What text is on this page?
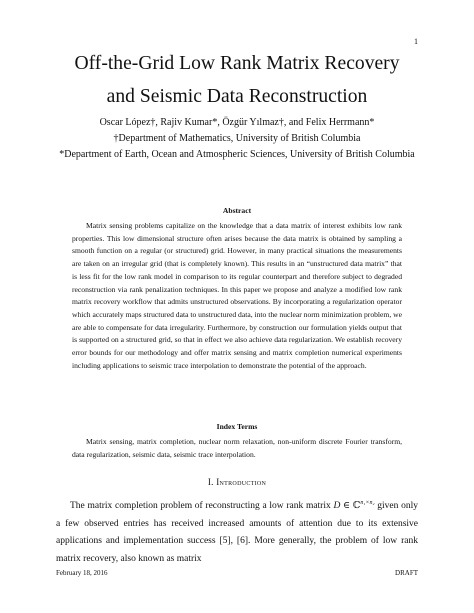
1
Off-the-Grid Low Rank Matrix Recovery
and Seismic Data Reconstruction
Oscar López†, Rajiv Kumar*, Özgür Yılmaz†, and Felix Herrmann*
†Department of Mathematics, University of British Columbia
*Department of Earth, Ocean and Atmospheric Sciences, University of British Columbia
Abstract
Matrix sensing problems capitalize on the knowledge that a data matrix of interest exhibits low rank properties. This low dimensional structure often arises because the data matrix is obtained by sampling a smooth function on a regular (or structured) grid. However, in many practical situations the measurements are taken on an irregular grid (that is completely known). This results in an “unstructured data matrix” that is less fit for the low rank model in comparison to its regular counterpart and therefore subject to degraded reconstruction via rank penalization techniques. In this paper we propose and analyze a modified low rank matrix recovery workflow that admits unstructured observations. By incorporating a regularization operator which accurately maps structured data to unstructured data, into the nuclear norm minimization problem, we are able to compensate for data irregularity. Furthermore, by construction our formulation yields output that is supported on a structured grid, so that in effect we also achieve data regularization. We establish recovery error bounds for our methodology and offer matrix sensing and matrix completion numerical experiments including applications to seismic trace interpolation to demonstrate the potential of the approach.
Index Terms
Matrix sensing, matrix completion, nuclear norm relaxation, non-uniform discrete Fourier transform, data regularization, seismic data, seismic trace interpolation.
I. Introduction
The matrix completion problem of reconstructing a low rank matrix D ∈ ℂ$^{n_1\times n_2}$ given only a few observed entries has received increased amounts of attention due to its extensive applications and implementation success [5], [6]. More generally, the problem of low rank matrix recovery, also known as matrix
February 18, 2016	DRAFT
